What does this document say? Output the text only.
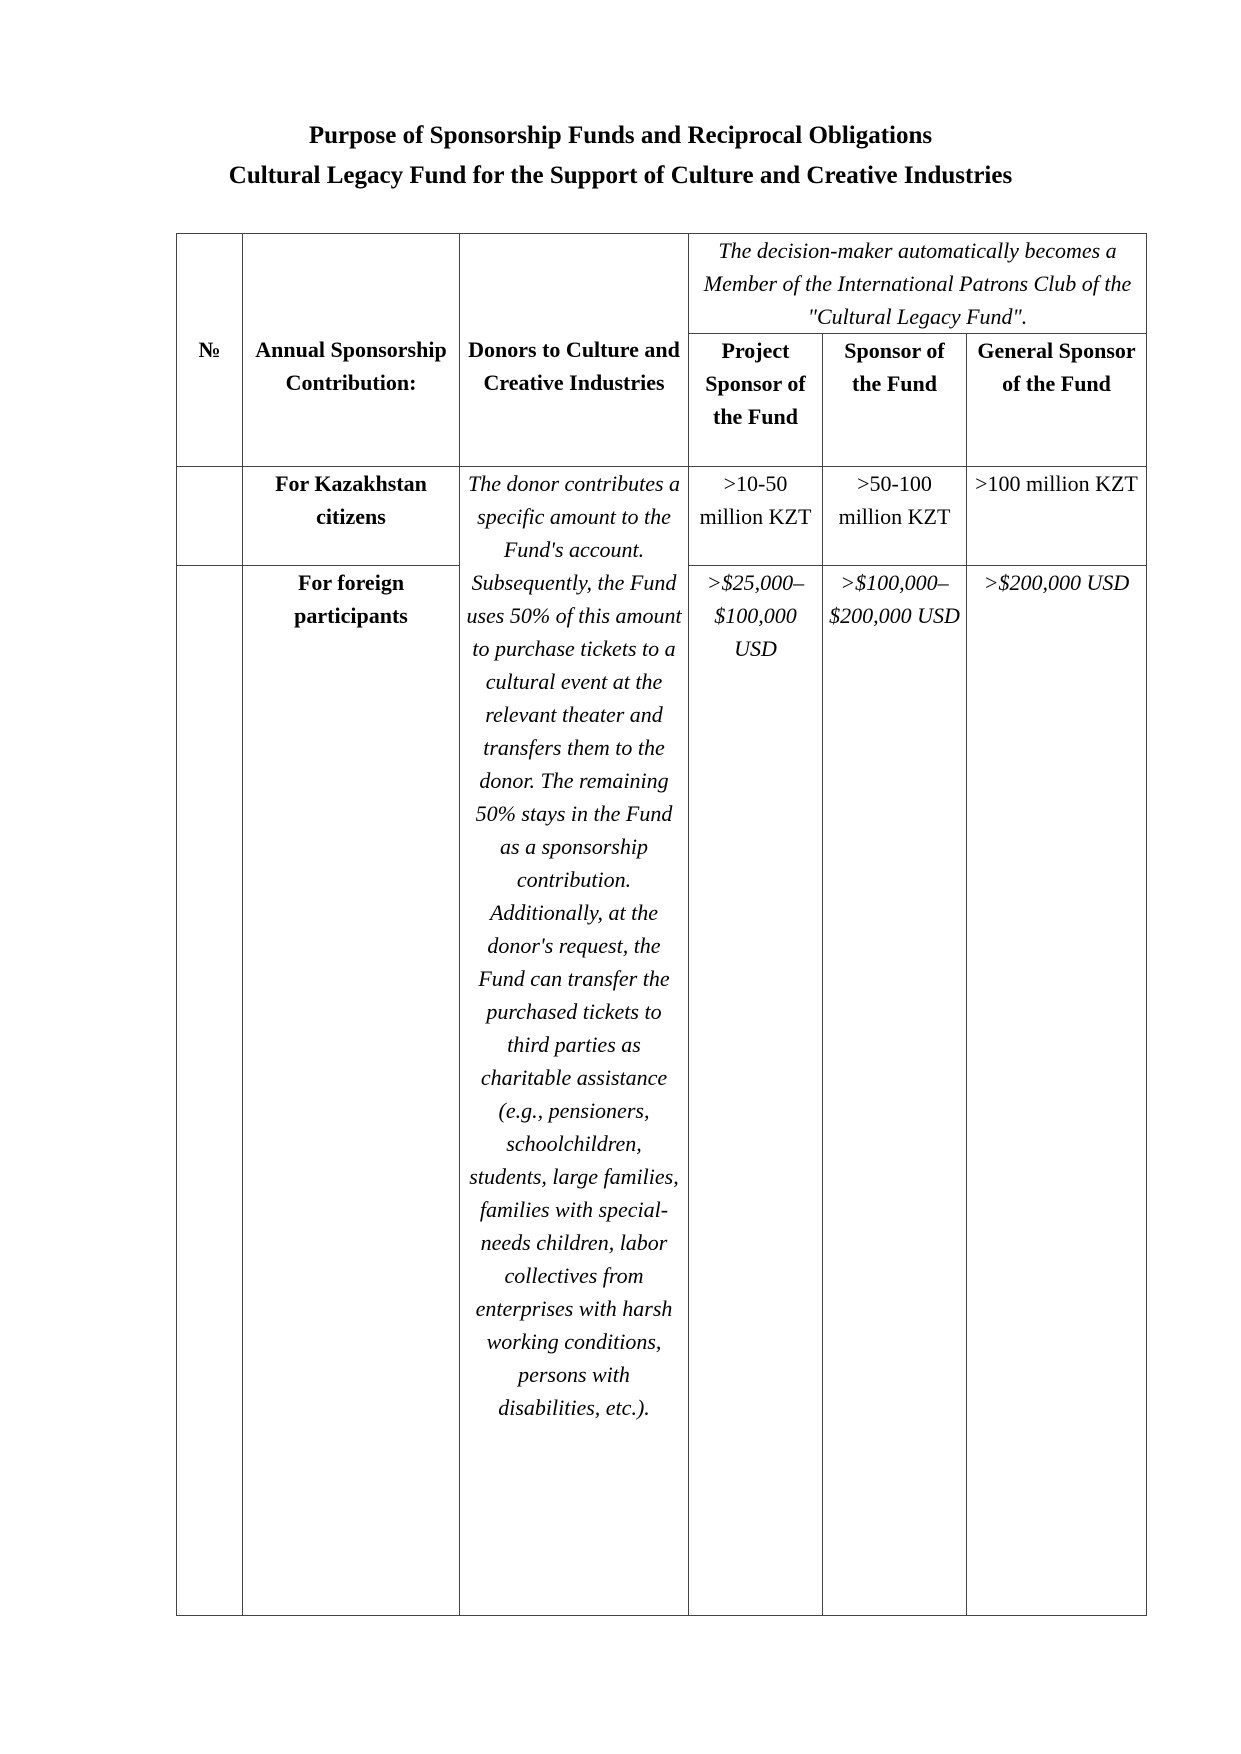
Purpose of Sponsorship Funds and Reciprocal Obligations
Cultural Legacy Fund for the Support of Culture and Creative Industries
№	Annual Sponsorship Contribution:	Donors to Culture and Creative Industries	The decision-maker automatically becomes a Member of the International Patrons Club of the "Cultural Legacy Fund".		
			Project Sponsor of the Fund	Sponsor of the Fund	General Sponsor of the Fund
	For Kazakhstan citizens	The donor contributes a specific amount to the Fund's account. Subsequently, the Fund uses 50% of this amount to purchase tickets to a cultural event at the relevant theater and transfers them to the donor. The remaining 50% stays in the Fund as a sponsorship contribution. Additionally, at the donor's request, the Fund can transfer the purchased tickets to third parties as charitable assistance (e.g., pensioners, schoolchildren, students, large families, families with special-needs children, labor collectives from enterprises with harsh working conditions, persons with disabilities, etc.).	>10-50 million KZT	>50-100 million KZT	>100 million KZT
	For foreign participants		>$25,000–$100,000 USD	>$100,000–$200,000 USD	>$200,000 USD
